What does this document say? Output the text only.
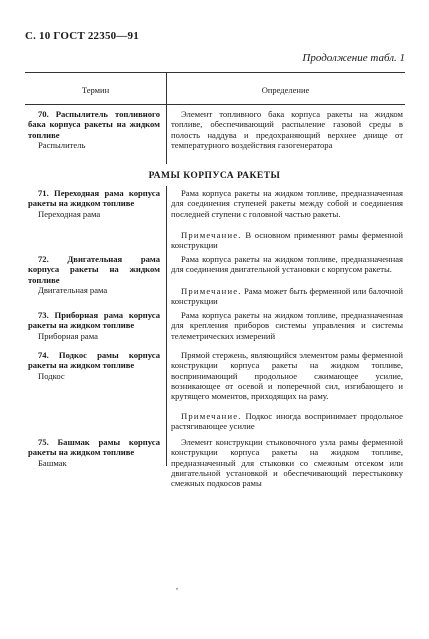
С. 10 ГОСТ 22350—91
Продолжение табл. 1
Термин	Определение
70. Распылитель топливного бака корпуса ракеты на жидком топливе
Распылитель
Элемент топливного бака корпуса ракеты на жидком топливе, обеспечивающий распыление газовой среды в полость наддува и предохраняющий верхнее днище от температурного воздействия газогенератора
РАМЫ КОРПУСА РАКЕТЫ
71. Переходная рама корпуса ракеты на жидком топливе
Переходная рама
Рама корпуса ракеты на жидком топливе, предназначенная для соединения ступеней ракеты между собой и соединения последней ступени с головной частью ракеты.
Примечание. В основном применяют рамы ферменной конструкции
72. Двигательная рама корпуса ракеты на жидком топливе
Двигательная рама
Рама корпуса ракеты на жидком топливе, предназначенная для соединения двигательной установки с корпусом ракеты.
Примечание. Рама может быть ферменной или балочной конструкции
73. Приборная рама корпуса ракеты на жидком топливе
Приборная рама
Рама корпуса ракеты на жидком топливе, предназначенная для крепления приборов системы управления и системы телеметрических измерений
74. Подкос рамы корпуса ракеты на жидком топливе
Подкос
Прямой стержень, являющийся элементом рамы ферменной конструкции корпуса ракеты на жидком топливе, воспринимающий продольное сжимающее усилие, возникающее от осевой и поперечной сил, изгибающего и крутящего моментов, приходящих на раму.
Примечание. Подкос иногда воспринимает продольное растягивающее усилие
75. Башмак рамы корпуса ракеты на жидком топливе
Башмак
Элемент конструкции стыковочного узла рамы ферменной конструкции корпуса ракеты на жидком топливе, предназначенный для стыковки со смежным отсеком или двигательной установкой и обеспечивающий перестыковку смежных подкосов рамы
,
